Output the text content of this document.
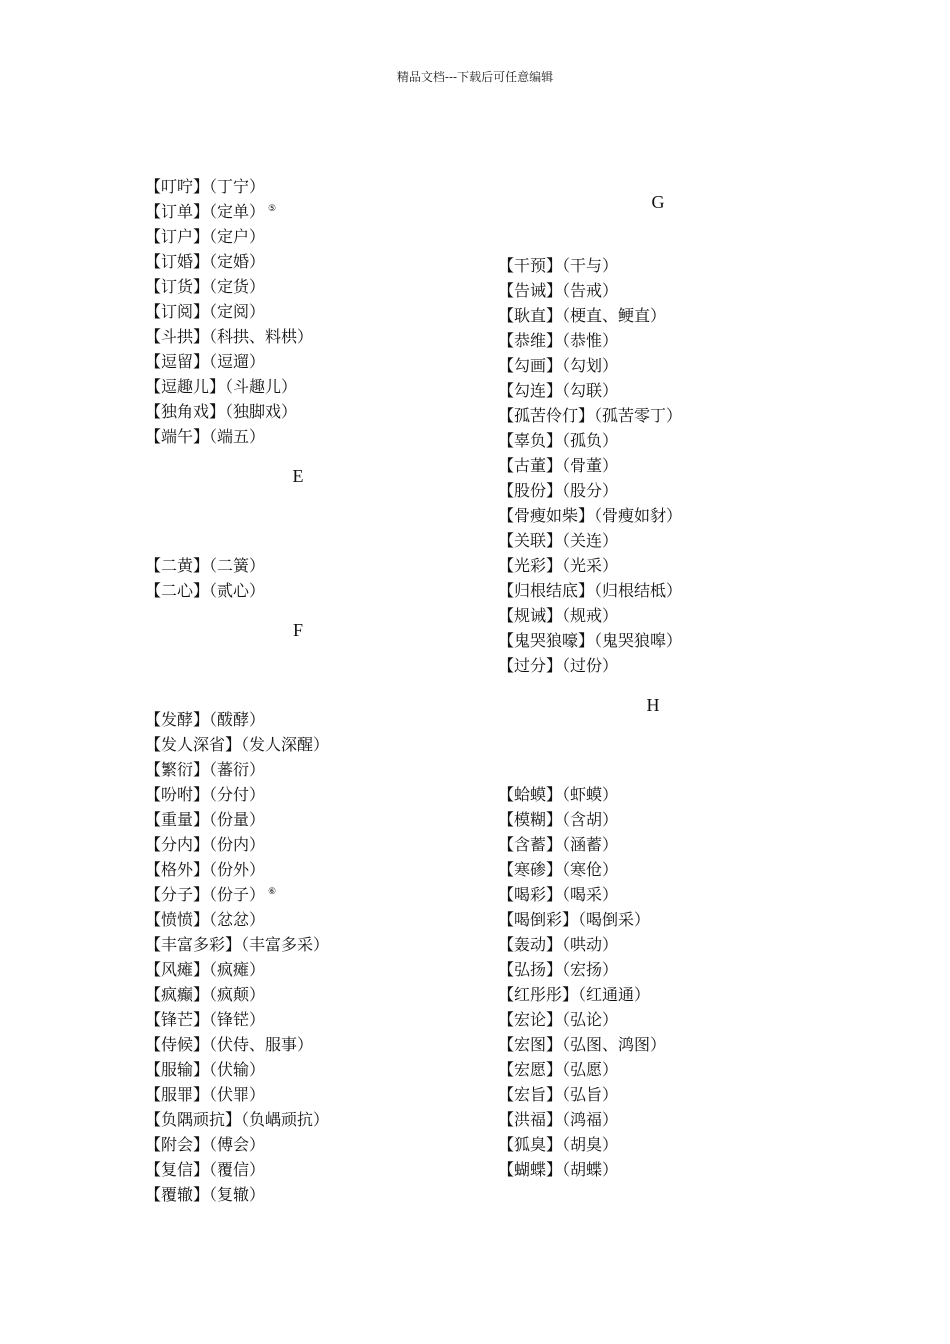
精品文档---下载后可任意编辑
【叮咛】（丁宁）
【订单】（定单） ⑤
【订户】（定户）
【订婚】（定婚）
【订货】（定货）
【订阅】（定阅）
【斗拱】（科拱、料栱）
【逗留】（逗遛）
【逗趣儿】（斗趣儿）
【独角戏】（独脚戏）
【端午】（端五）
E
【二黄】（二簧）
【二心】（贰心）
F
【发酵】（酦酵）
【发人深省】（发人深醒）
【繁衍】（蕃衍）
【吩咐】（分付）
【重量】（份量）
【分内】（份内）
【格外】（份外）
【分子】（份子） ⑥
【愤愤】（忿忿）
【丰富多彩】（丰富多采）
【风瘫】（疯瘫）
【疯癫】（疯颠）
【锋芒】（锋铓）
【侍候】（伏侍、服事）
【服输】（伏输）
【服罪】（伏罪）
【负隅顽抗】（负嵎顽抗）
【附会】（傅会）
【复信】（覆信）
【覆辙】（复辙）
G
【干预】（干与）
【告诫】（告戒）
【耿直】（梗直、鲠直）
【恭维】（恭惟）
【勾画】（勾划）
【勾连】（勾联）
【孤苦伶仃】（孤苦零丁）
【辜负】（孤负）
【古董】（骨董）
【股份】（股分）
【骨瘦如柴】（骨瘦如豺）
【关联】（关连）
【光彩】（光采）
【归根结底】（归根结柢）
【规诫】（规戒）
【鬼哭狼嚎】（鬼哭狼嗥）
【过分】（过份）
H
【蛤蟆】（虾蟆）
【模糊】（含胡）
【含蓄】（涵蓄）
【寒碜】（寒伧）
【喝彩】（喝采）
【喝倒彩】（喝倒采）
【轰动】（哄动）
【弘扬】（宏扬）
【红彤彤】（红通通）
【宏论】（弘论）
【宏图】（弘图、鸿图）
【宏愿】（弘愿）
【宏旨】（弘旨）
【洪福】（鸿福）
【狐臭】（胡臭）
【蝴蝶】（胡蝶）
